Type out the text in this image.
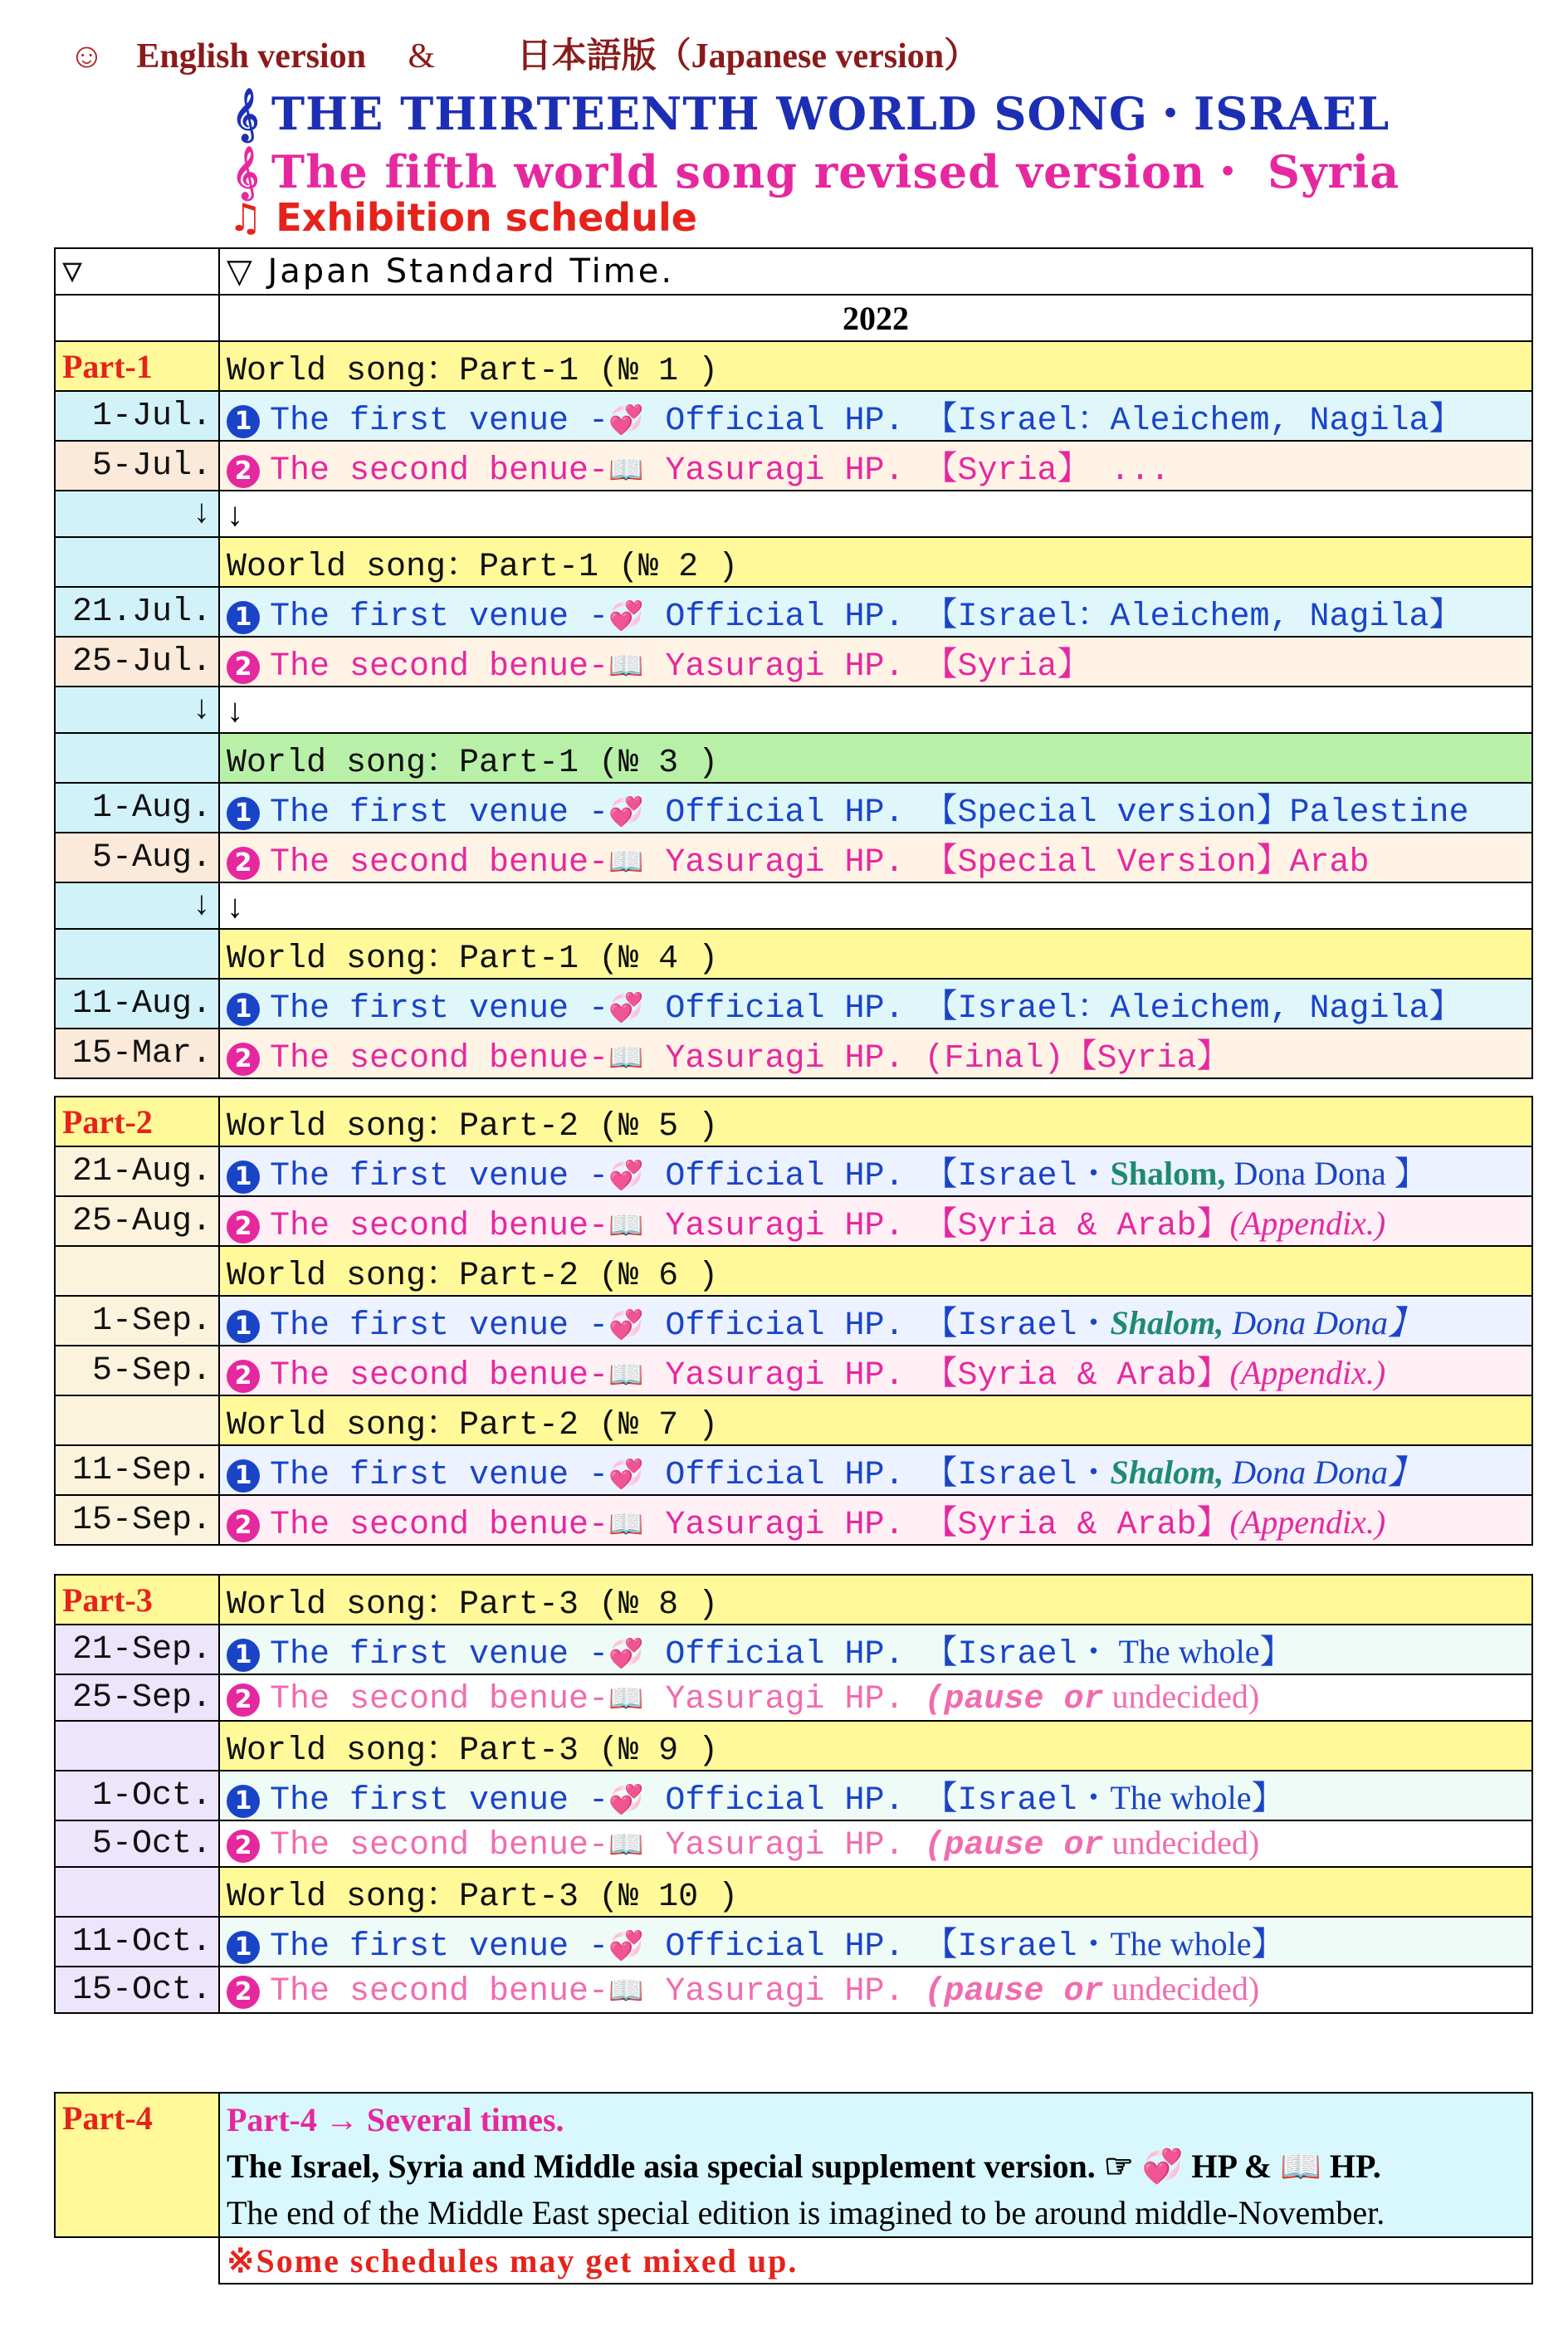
☺ English version & 日本語版（Japanese version）
𝄞 THE THIRTEENTH WORLD SONG・ISRAEL
𝄞 The fifth world song revised version・ Syria
♫ Exhibition schedule
▽	▽ Japan Standard Time.
	2022
Part-1	World song：Part-1 (№ 1 )
1-Jul.	1 The first venue -💞 Official HP. 【Israel：Aleichem, Nagila】
5-Jul.	2 The second benue-📖 Yasuragi HP. 【Syria】 ...
↓	↓
	Woorld song：Part-1 (№ 2 )
21.Jul.	1 The first venue -💞 Official HP. 【Israel：Aleichem, Nagila】
25-Jul.	2 The second benue-📖 Yasuragi HP. 【Syria】
↓	↓
	World song：Part-1 (№ 3 )
1-Aug.	1 The first venue -💞 Official HP. 【Special version】Palestine
5-Aug.	2 The second benue-📖 Yasuragi HP. 【Special Version】Arab
↓	↓
	World song：Part-1 (№ 4 )
11-Aug.	1 The first venue -💞 Official HP. 【Israel：Aleichem, Nagila】
15-Mar.	2 The second benue-📖 Yasuragi HP. (Final)【Syria】
Part-2	World song：Part-2 (№ 5 )
21-Aug.	1 The first venue -💞 Official HP. 【Israel・Shalom, Dona Dona 】
25-Aug.	2 The second benue-📖 Yasuragi HP. 【Syria & Arab】(Appendix.)
	World song：Part-2 (№ 6 )
1-Sep.	1 The first venue -💞 Official HP. 【Israel・Shalom, Dona Dona】
5-Sep.	2 The second benue-📖 Yasuragi HP. 【Syria & Arab】(Appendix.)
	World song：Part-2 (№ 7 )
11-Sep.	1 The first venue -💞 Official HP. 【Israel・Shalom, Dona Dona】
15-Sep.	2 The second benue-📖 Yasuragi HP. 【Syria & Arab】(Appendix.)
Part-3	World song：Part-3 (№ 8 )
21-Sep.	1 The first venue -💞 Official HP. 【Israel・ The whole】
25-Sep.	2 The second benue-📖 Yasuragi HP. (pause or undecided)
	World song：Part-3 (№ 9 )
1-Oct.	1 The first venue -💞 Official HP. 【Israel・The whole】
5-Oct.	2 The second benue-📖 Yasuragi HP. (pause or undecided)
	World song：Part-3 (№ 10 )
11-Oct.	1 The first venue -💞 Official HP. 【Israel・The whole】
15-Oct.	2 The second benue-📖 Yasuragi HP. (pause or undecided)
Part-4	Part-4 → Several times.
The Israel, Syria and Middle asia special supplement version. ☞ 💞 HP & 📖 HP.
The end of the Middle East special edition is imagined to be around middle-November.

	※Some schedules may get mixed up.
